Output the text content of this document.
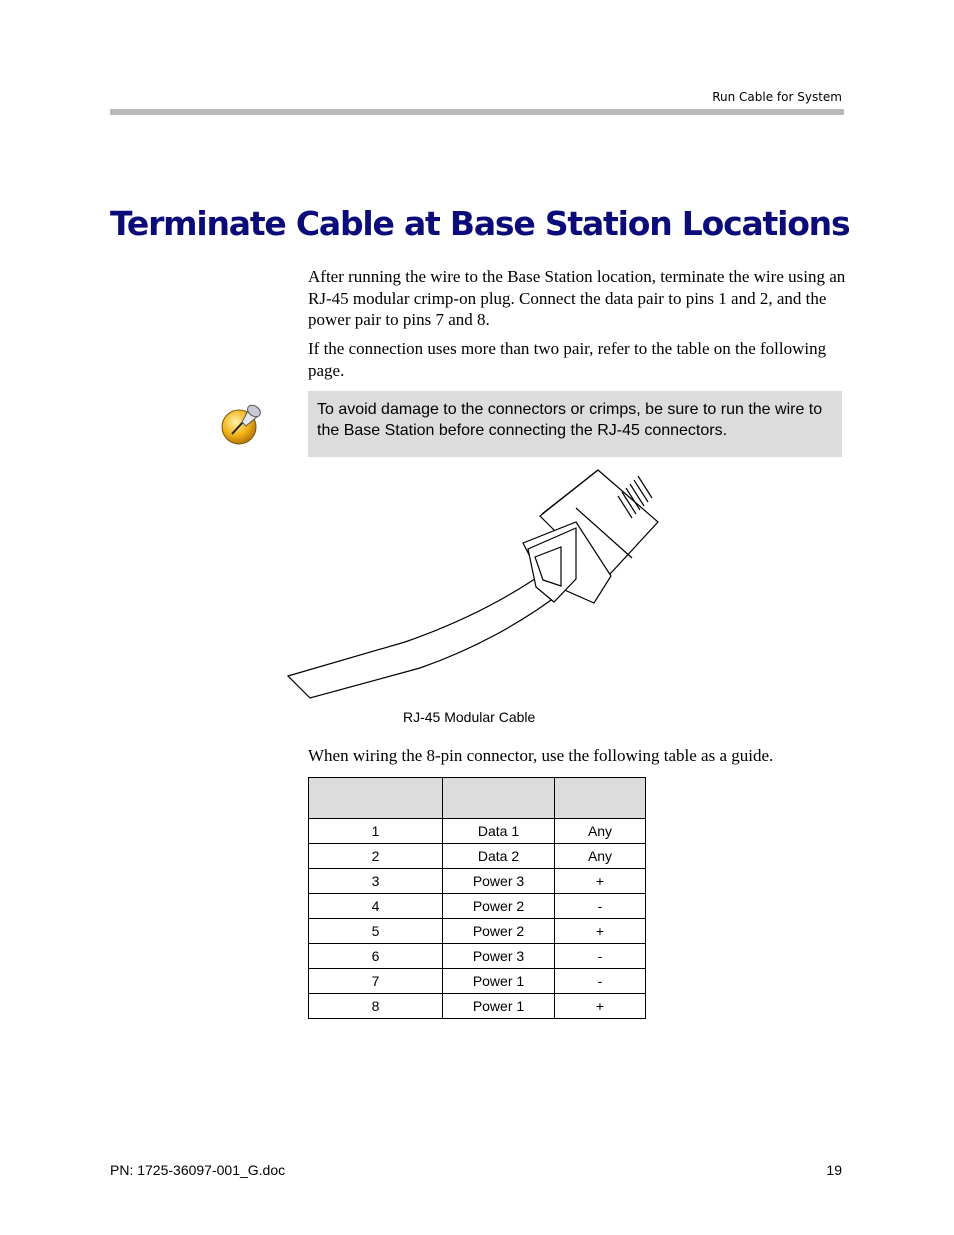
Run Cable for System
Terminate Cable at Base Station Locations

After running the wire to the Base Station location, terminate the wire using an RJ-45 modular crimp-on plug. Connect the data pair to pins 1 and 2, and the power pair to pins 7 and 8.

If the connection uses more than two pair, refer to the table on the following page.

To avoid damage to the connectors or crimps, be sure to run the wire to the Base Station before connecting the RJ-45 connectors.
RJ-45 Modular Cable

When wiring the 8-pin connector, use the following table as a guide.

1	Data 1	Any
2	Data 2	Any
3	Power 3	+
4	Power 2	-
5	Power 2	+
6	Power 3	-
7	Power 1	-
8	Power 1	+
PN: 1725-36097-001_G.doc	19
